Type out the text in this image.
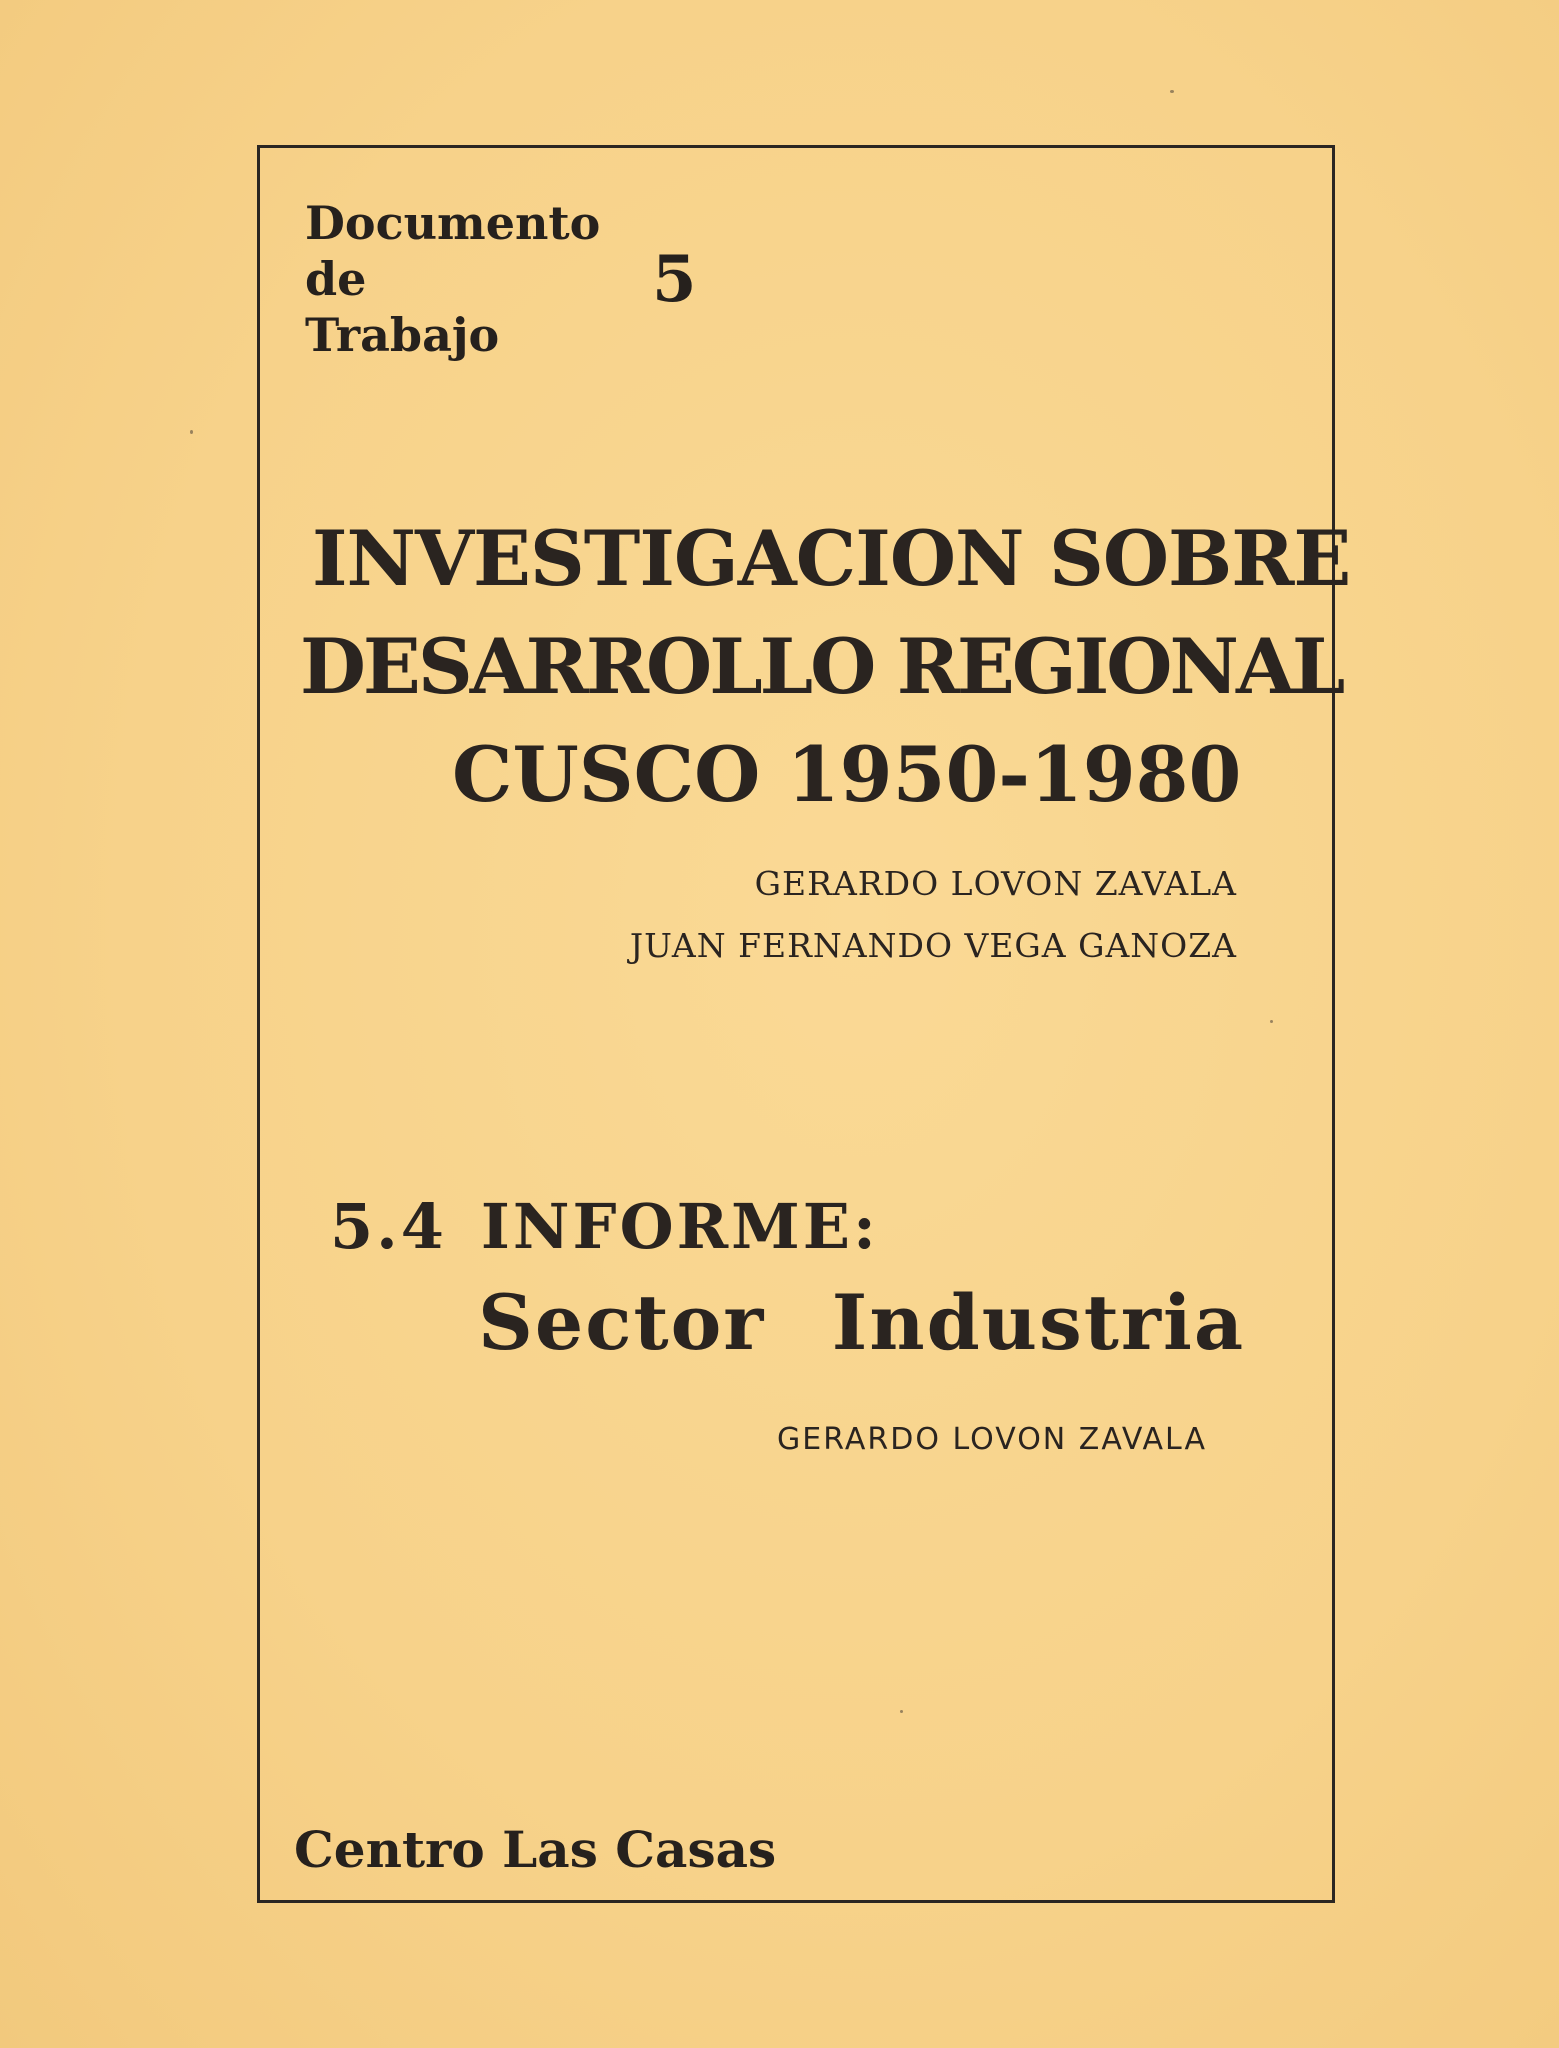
Documento
de
Trabajo
5
INVESTIGACION SOBRE
DESARROLLO REGIONAL
CUSCO 1950-1980
GERARDO LOVON ZAVALA
JUAN FERNANDO VEGA GANOZA
5.4 INFORME:
Sector Industria
GERARDO LOVON ZAVALA
Centro Las Casas
